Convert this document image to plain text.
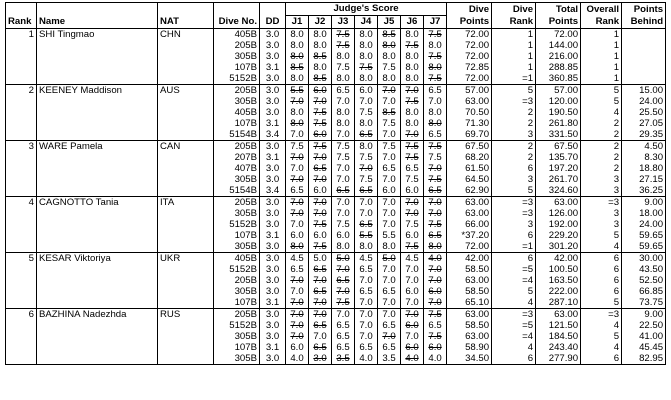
Rank	Name	NAT	Dive No.	DD	Judge's Score							Dive Points	Dive Rank	Total Points	Overall Rank	Points Behind
					J1	J2	J3	J4	J5	J6	J7					
1	SHI Tingmao	CHN	405B	3.0	8.0	8.0	7.5	8.0	8.5	8.0	7.5	72.00	1	72.00	1	
			205B	3.0	8.0	8.0	7.5	8.0	8.0	7.5	8.0	72.00	1	144.00	1	
			305B	3.0	8.0	8.5	8.0	8.0	8.0	8.0	7.5	72.00	1	216.00	1	
			107B	3.1	8.5	8.0	7.5	7.5	7.5	8.0	8.0	72.85	1	288.85	1	
			5152B	3.0	8.0	8.5	8.0	8.0	8.0	8.0	7.5	72.00	=1	360.85	1	
2	KEENEY Maddison	AUS	205B	3.0	5.5	6.0	6.5	6.0	7.0	7.0	6.5	57.00	5	57.00	5	15.00
			305B	3.0	7.0	7.0	7.0	7.0	7.0	7.5	7.0	63.00	=3	120.00	5	24.00
			405B	3.0	8.0	7.5	8.0	7.5	8.5	8.0	8.0	70.50	2	190.50	4	25.50
			107B	3.1	8.0	7.5	8.0	8.0	7.5	8.0	8.0	71.30	2	261.80	2	27.05
			5154B	3.4	7.0	6.0	7.0	6.5	7.0	7.0	6.5	69.70	3	331.50	2	29.35
3	WARE Pamela	CAN	205B	3.0	7.5	7.5	7.5	8.0	7.5	7.5	7.5	67.50	2	67.50	2	4.50
			207B	3.1	7.0	7.0	7.5	7.5	7.0	7.5	7.5	68.20	2	135.70	2	8.30
			407B	3.0	7.0	6.5	7.0	7.0	6.5	6.5	7.0	61.50	6	197.20	2	18.80
			305B	3.0	7.0	7.0	7.0	7.5	7.0	7.5	7.5	64.50	3	261.70	3	27.15
			5154B	3.4	6.5	6.0	6.5	6.5	6.0	6.0	6.5	62.90	5	324.60	3	36.25
4	CAGNOTTO Tania	ITA	205B	3.0	7.0	7.0	7.0	7.0	7.0	7.0	7.0	63.00	=3	63.00	=3	9.00
			305B	3.0	7.0	7.0	7.0	7.0	7.0	7.0	7.0	63.00	=3	126.00	3	18.00
			5152B	3.0	7.0	7.5	7.5	6.5	7.0	7.5	7.5	66.00	3	192.00	3	24.00
			107B	3.1	6.0	6.0	6.0	5.5	5.5	6.0	6.5	*37.20	6	229.20	5	59.65
			305B	3.0	8.0	7.5	8.0	8.0	8.0	7.5	8.0	72.00	=1	301.20	4	59.65
5	KESAR Viktoriya	UKR	405B	3.0	4.5	5.0	5.0	4.5	5.0	4.5	4.0	42.00	6	42.00	6	30.00
			5152B	3.0	6.5	6.5	7.0	6.5	7.0	7.0	7.0	58.50	=5	100.50	6	43.50
			205B	3.0	7.0	7.0	6.5	7.0	7.0	7.0	7.0	63.00	=4	163.50	6	52.50
			305B	3.0	7.0	6.5	7.0	6.5	6.5	6.0	6.0	58.50	5	222.00	6	66.85
			107B	3.1	7.0	7.0	7.5	7.0	7.0	7.0	7.0	65.10	4	287.10	5	73.75
6	BAZHINA Nadezhda	RUS	205B	3.0	7.0	7.0	7.0	7.0	7.0	7.0	7.5	63.00	=3	63.00	=3	9.00
			5152B	3.0	7.0	6.5	6.5	7.0	6.5	6.0	6.5	58.50	=5	121.50	4	22.50
			305B	3.0	7.0	7.0	6.5	7.0	7.0	7.0	7.5	63.00	=4	184.50	5	41.00
			107B	3.1	6.0	6.5	6.5	6.5	6.5	6.0	6.0	58.90	4	243.40	4	45.45
			305B	3.0	4.0	3.0	3.5	4.0	3.5	4.0	4.0	34.50	6	277.90	6	82.95
